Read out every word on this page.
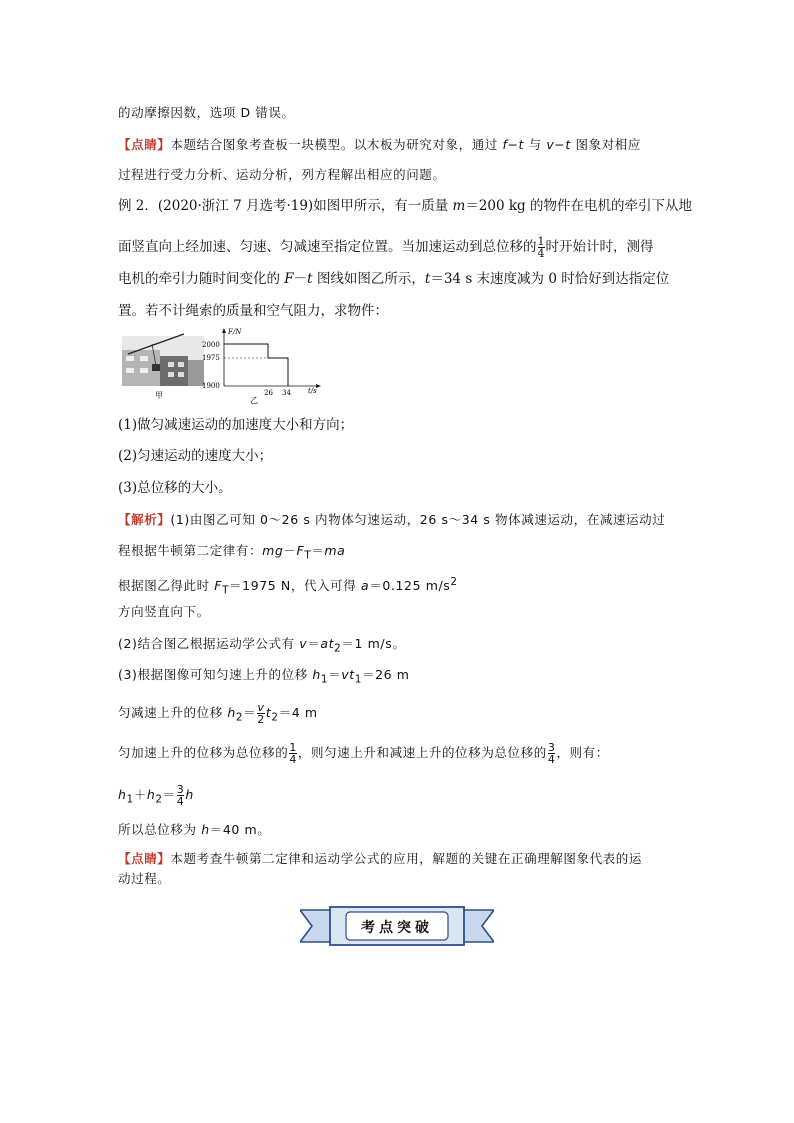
的动摩擦因数，选项 D 错误。
【点睛】本题结合图象考查板一块模型。以木板为研究对象，通过 f−t 与 v−t 图象对相应
过程进行受力分析、运动分析，列方程解出相应的问题。
例 2．(2020·浙江 7 月选考·19)如图甲所示，有一质量 m＝200 kg 的物件在电机的牵引下从地
面竖直向上经加速、匀速、匀减速至指定位置。当加速运动到总位移的 $\frac{1}{4}$ 时开始计时，测得
电机的牵引力随时间变化的 F－t 图线如图乙所示，t＝34 s 末速度减为 0 时恰好到达指定位
置。若不计绳索的质量和空气阻力，求物件：
甲
F/N
t/s
2000
1975
1900
26 34
乙
(1)做匀减速运动的加速度大小和方向；
(2)匀速运动的速度大小；
(3)总位移的大小。
【解析】(1)由图乙可知 0～26 s 内物体匀速运动，26 s～34 s 物体减速运动，在减速运动过
程根据牛顿第二定律有：$mg-F_T=ma$
根据图乙得此时 $F_T=1975$ N，代入可得 a＝0.125 $m/s^2$
方向竖直向下。
(2)结合图乙根据运动学公式有 $v=at_2=1$ m/s。
(3)根据图像可知匀速上升的位移 $h_1=vt_1=26$ m
匀减速上升的位移 $h_2= \frac{v}{2} t_2=4$ m
匀加速上升的位移为总位移的 $\frac{1}{4}$ ，则匀速上升和减速上升的位移为总位移的 $\frac{3}{4}$ ，则有：
$h_1+h_2= \frac{3}{4}$ h
所以总位移为 h＝40 m。
【点睛】本题考查牛顿第二定律和运动学公式的应用，解题的关键在正确理解图象代表的运
动过程。
考点突破
